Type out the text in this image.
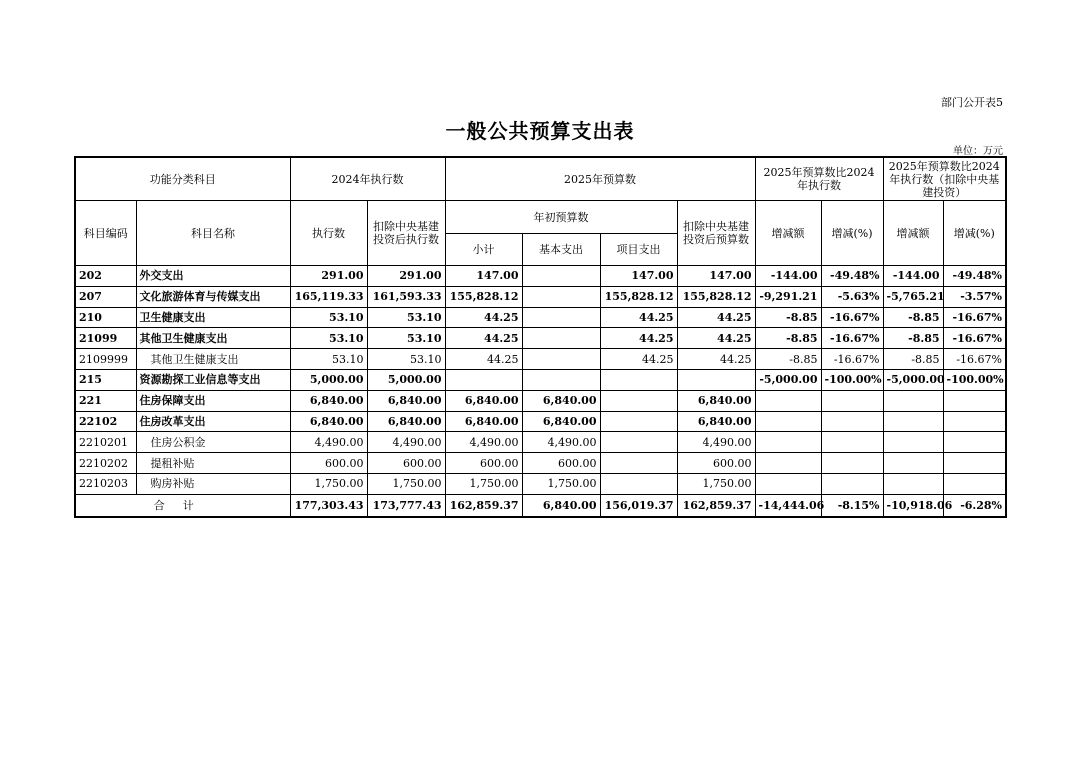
部门公开表5
一般公共预算支出表
单位：万元
功能分类科目		2024年执行数		2025年预算数				2025年预算数比2024年执行数		2025年预算数比2024年执行数（扣除中央基建投资）	
科目编码	科目名称	执行数	扣除中央基建投资后执行数	年初预算数			扣除中央基建投资后预算数	增减额	增减(%)	增减额	增减(%)
				小计	基本支出	项目支出					
202	外交支出	291.00	291.00	147.00		147.00	147.00	-144.00	-49.48%	-144.00	-49.48%
207	文化旅游体育与传媒支出	165,119.33	161,593.33	155,828.12		155,828.12	155,828.12	-9,291.21	-5.63%	-5,765.21	-3.57%
210	卫生健康支出	53.10	53.10	44.25		44.25	44.25	-8.85	-16.67%	-8.85	-16.67%
21099	其他卫生健康支出	53.10	53.10	44.25		44.25	44.25	-8.85	-16.67%	-8.85	-16.67%
2109999	其他卫生健康支出	53.10	53.10	44.25		44.25	44.25	-8.85	-16.67%	-8.85	-16.67%
215	资源勘探工业信息等支出	5,000.00	5,000.00					-5,000.00	-100.00%	-5,000.00	-100.00%
221	住房保障支出	6,840.00	6,840.00	6,840.00	6,840.00		6,840.00				
22102	住房改革支出	6,840.00	6,840.00	6,840.00	6,840.00		6,840.00				
2210201	住房公积金	4,490.00	4,490.00	4,490.00	4,490.00		4,490.00				
2210202	提租补贴	600.00	600.00	600.00	600.00		600.00				
2210203	购房补贴	1,750.00	1,750.00	1,750.00	1,750.00		1,750.00				
合计		177,303.43	173,777.43	162,859.37	6,840.00	156,019.37	162,859.37	-14,444.06	-8.15%	-10,918.06	-6.28%
